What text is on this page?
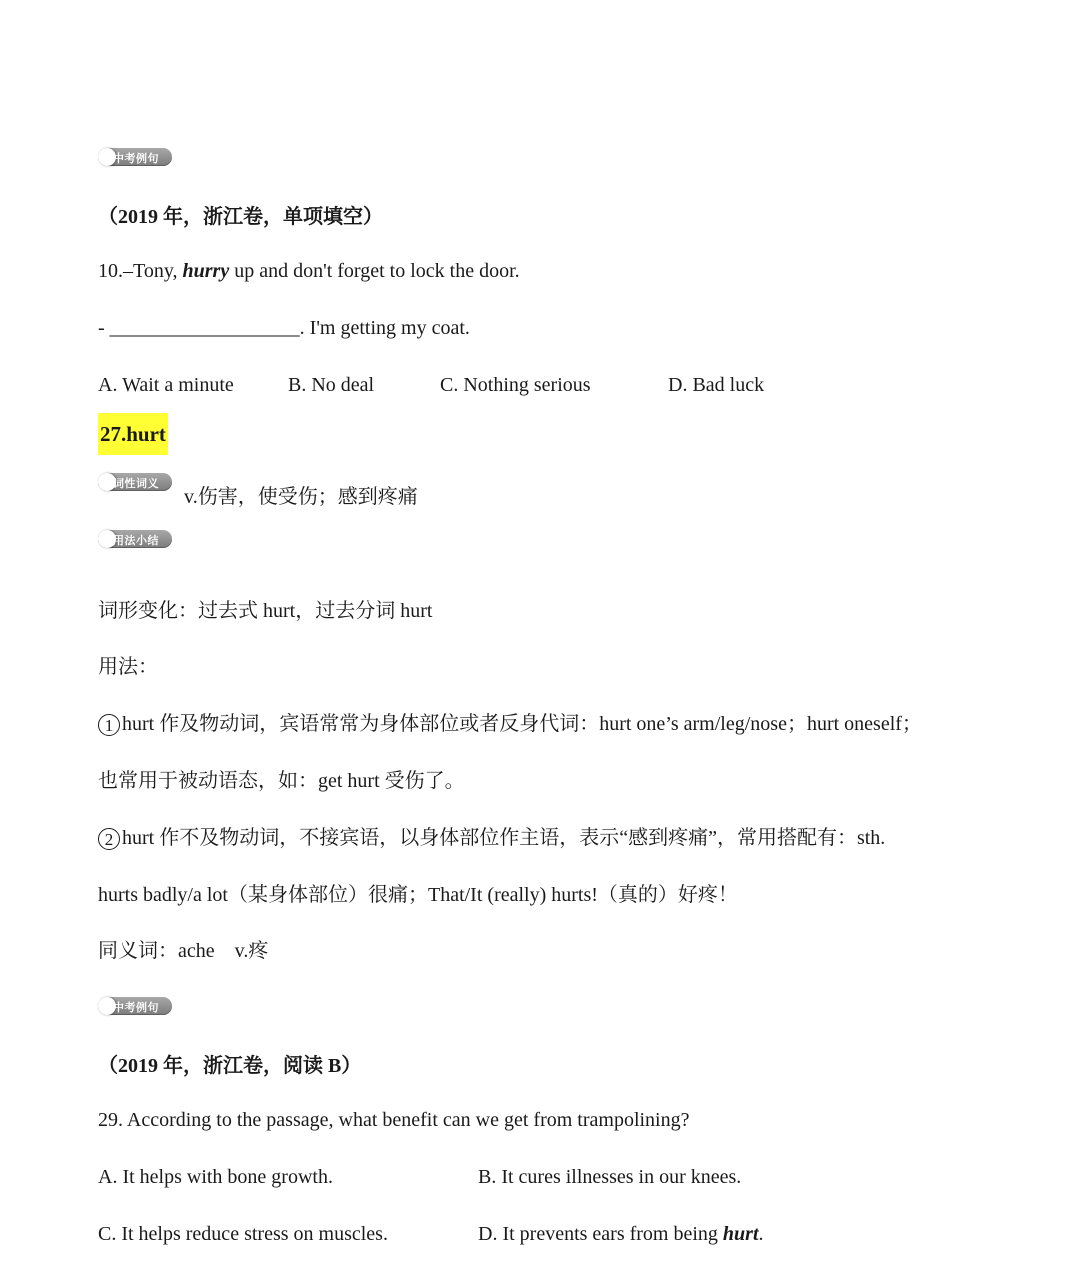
中考例句
（2019 年，浙江卷，单项填空）
10.–Tony, hurry up and don't forget to lock the door.
- ___________________. I'm getting my coat.
A. Wait a minute	B. No deal	C. Nothing serious	D. Bad luck
27.hurt
词性词义
v.伤害，使受伤；感到疼痛
用法小结
词形变化：过去式 hurt，过去分词 hurt
用法：
1 hurt 作及物动词，宾语常常为身体部位或者反身代词：hurt one’s arm/leg/nose；hurt oneself；
也常用于被动语态，如：get hurt 受伤了。
2 hurt 作不及物动词，不接宾语，以身体部位作主语，表示“感到疼痛”，常用搭配有：sth.
hurts badly/a lot（某身体部位）很痛；That/It (really) hurts!（真的）好疼！
同义词：ache    v.疼
中考例句
（2019 年，浙江卷，阅读 B）
29. According to the passage, what benefit can we get from trampolining?
A. It helps with bone growth.	B. It cures illnesses in our knees.
C. It helps reduce stress on muscles.	D. It prevents ears from being hurt.
